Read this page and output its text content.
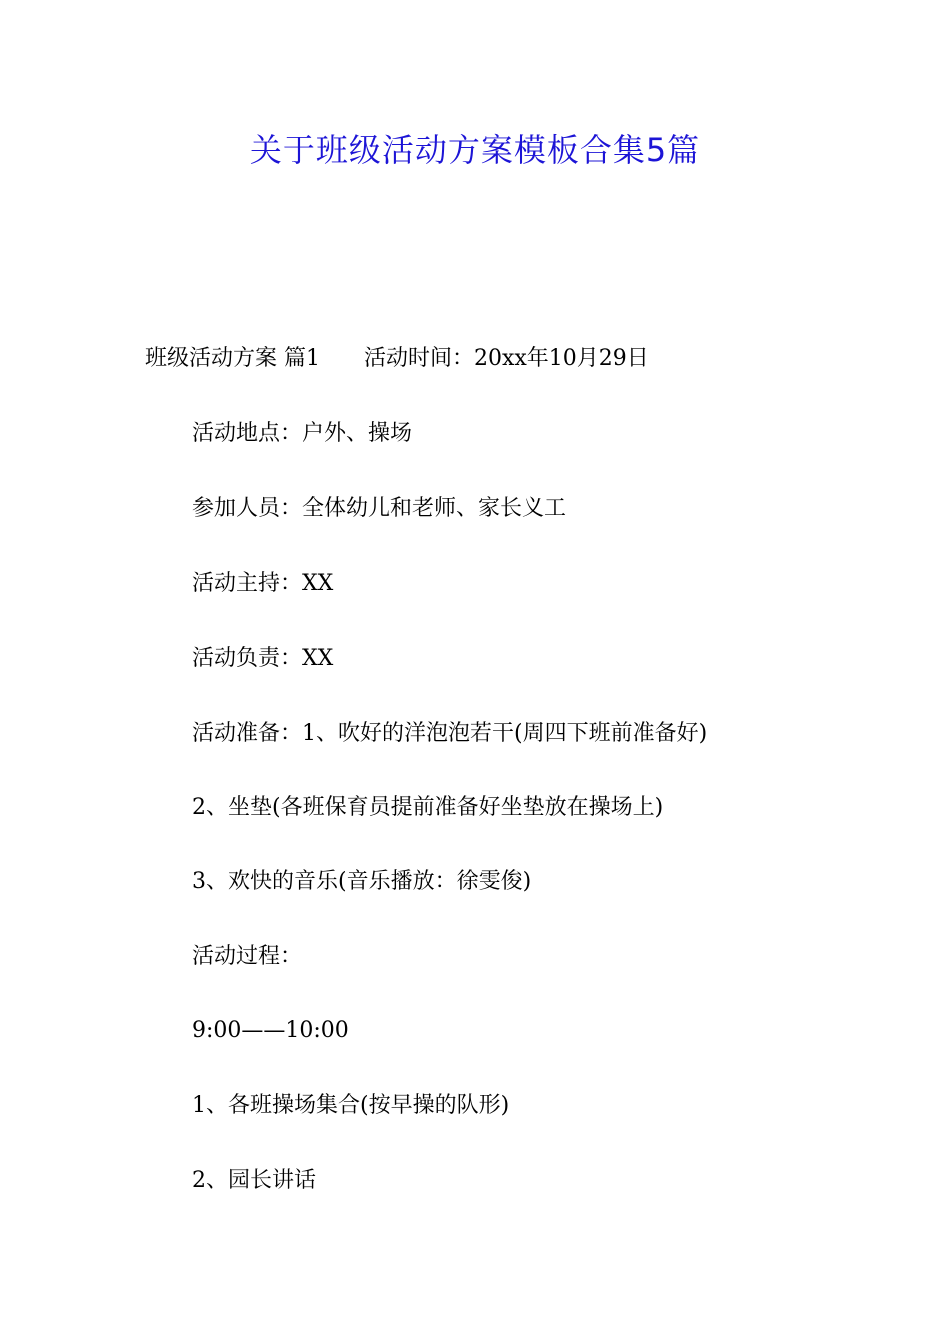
关于班级活动方案模板合集5篇
班级活动方案 篇1 活动时间：20xx年10月29日
活动地点：户外、操场
参加人员：全体幼儿和老师、家长义工
活动主持：XX
活动负责：XX
活动准备：1、吹好的洋泡泡若干(周四下班前准备好)
2、坐垫(各班保育员提前准备好坐垫放在操场上)
3、欢快的音乐(音乐播放：徐雯俊)
活动过程：
9:00——10:00
1、各班操场集合(按早操的队形)
2、园长讲话
